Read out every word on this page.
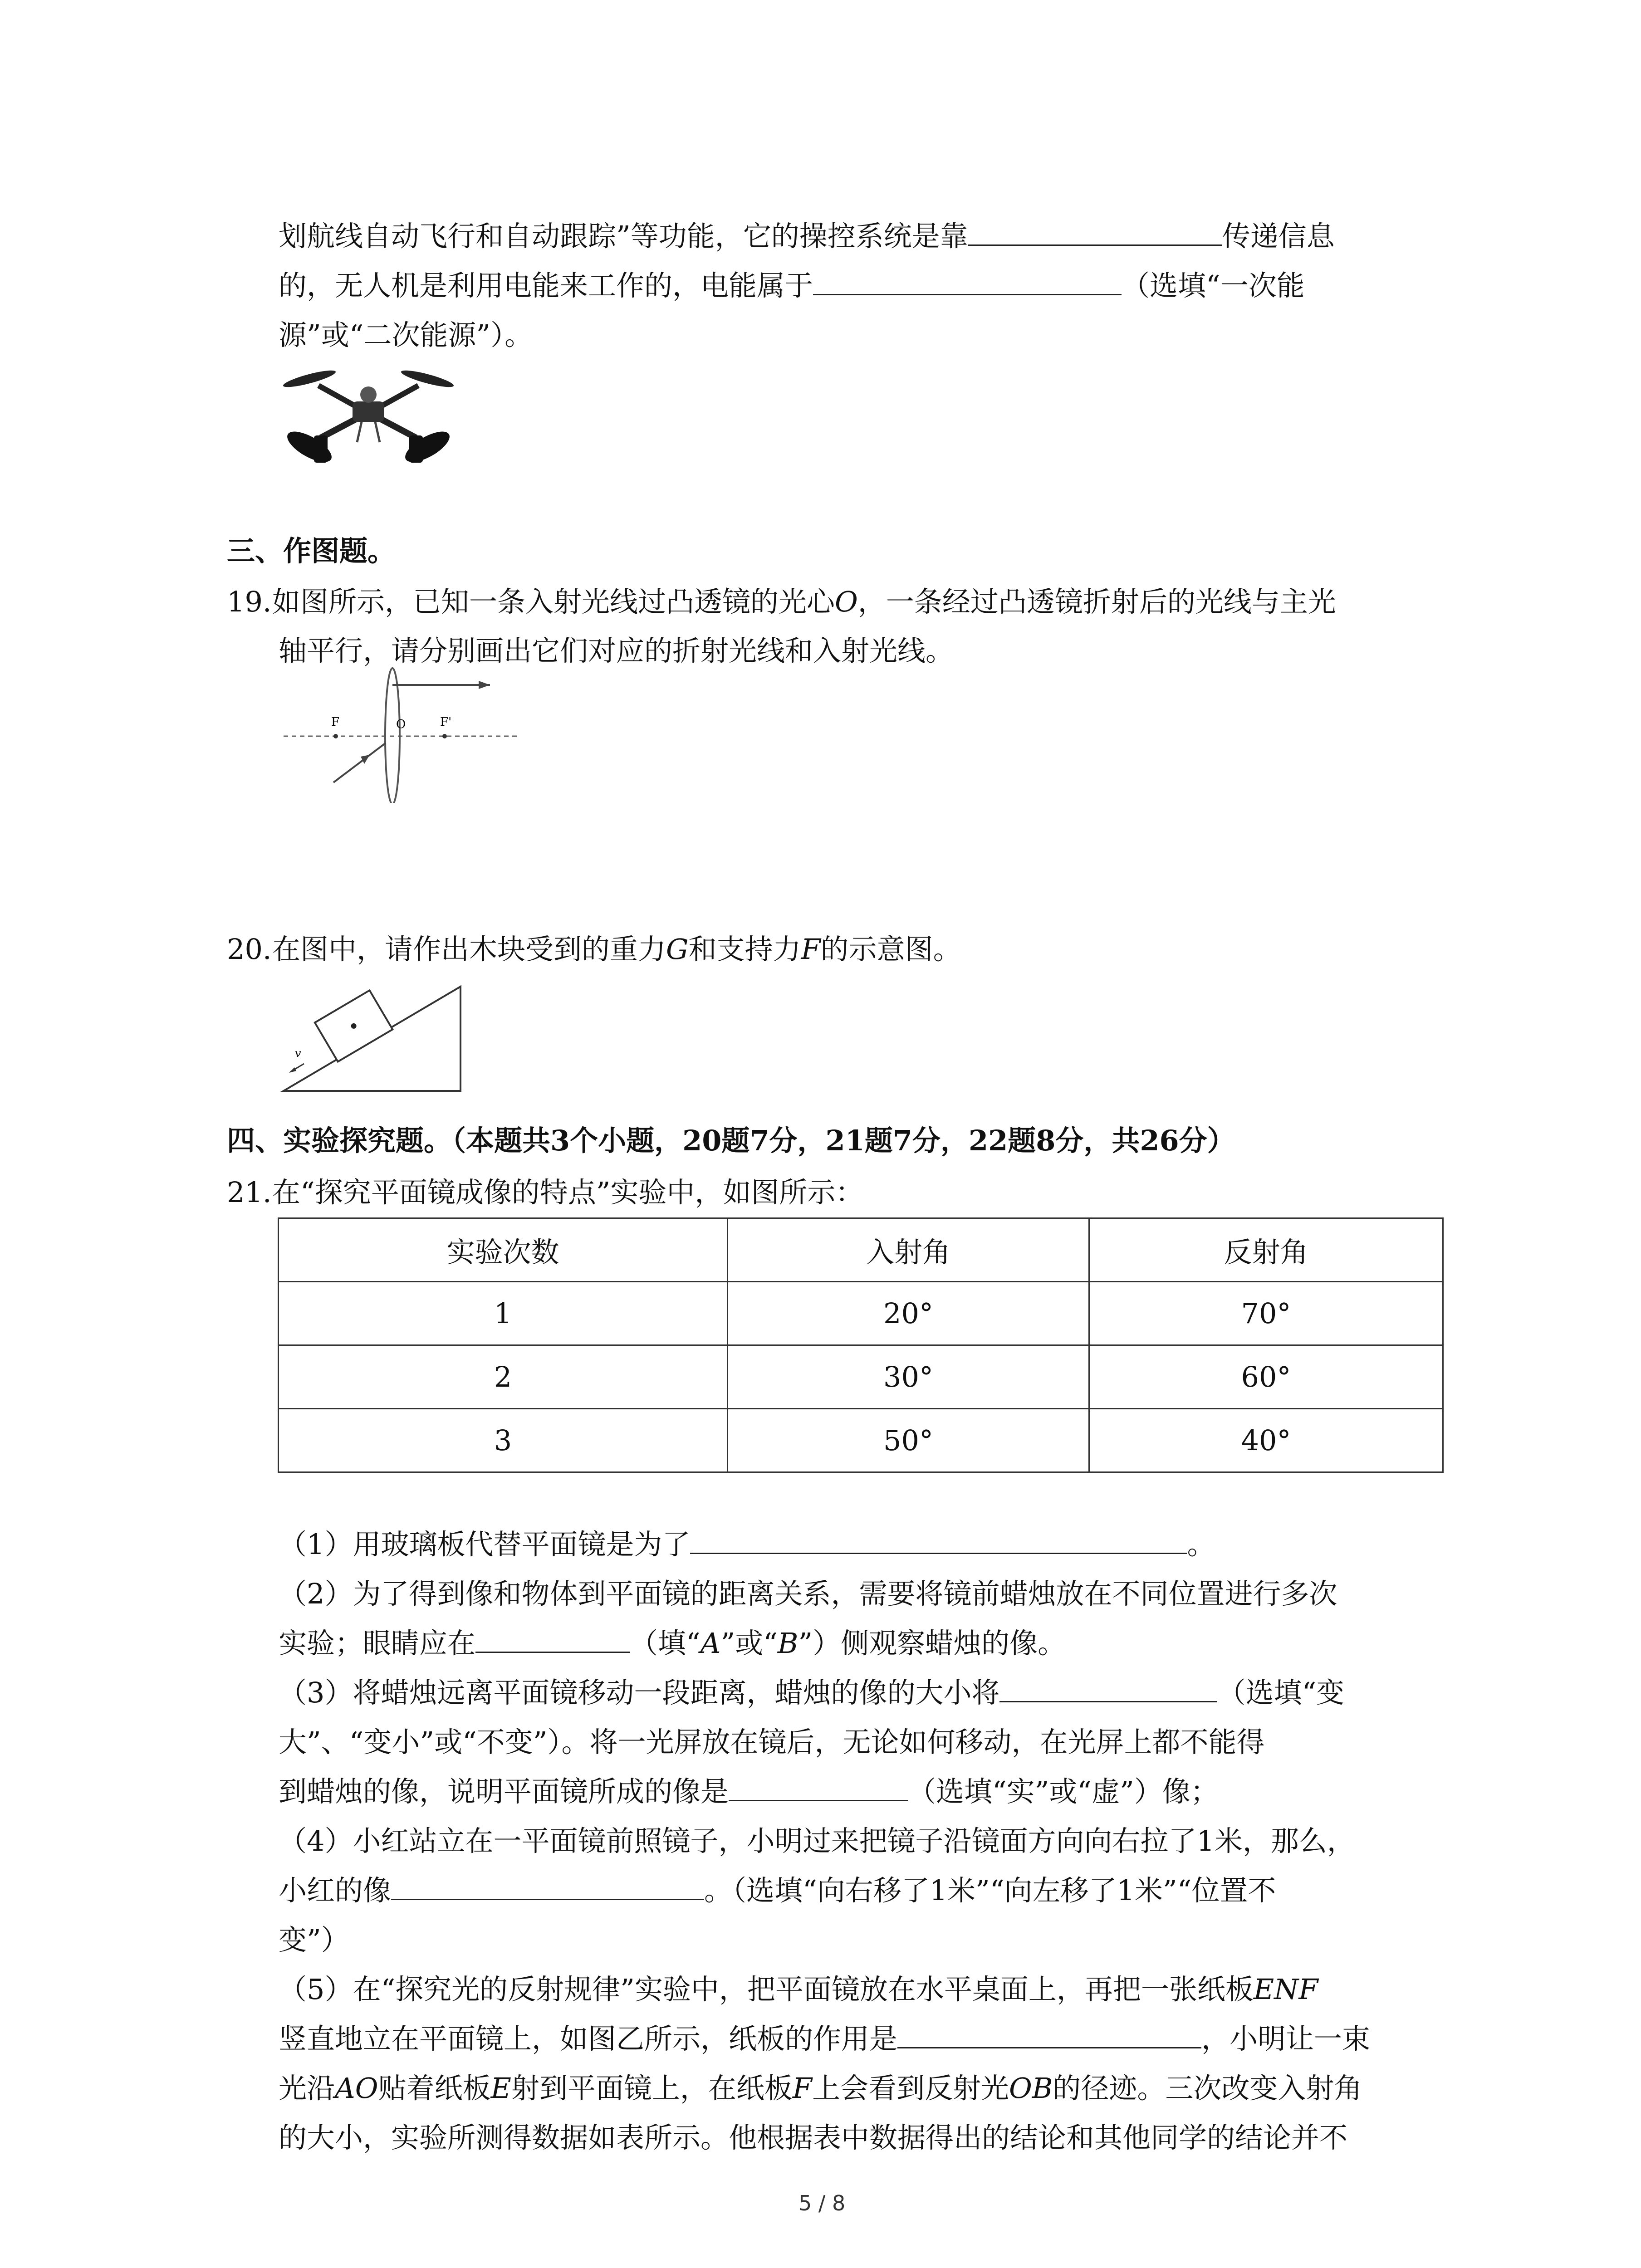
划航线自动飞行和自动跟踪”等功能，它的操控系统是靠	传递信息
的，无人机是利用电能来工作的，电能属于	（选填“一次能
源”或“二次能源”）。
三、作图题。
19.如图所示，已知一条入射光线过凸透镜的光心O，一条经过凸透镜折射后的光线与主光
轴平行，请分别画出它们对应的折射光线和入射光线。
F	O	F'
20.在图中，请作出木块受到的重力G和支持力F的示意图。
v
四、实验探究题。（本题共3个小题，20题7分，21题7分，22题8分，共26分）
21.在“探究平面镜成像的特点”实验中，如图所示：
实验次数	入射角	反射角
1	20°	70°
2	30°	60°
3	50°	40°
（1）用玻璃板代替平面镜是为了	。
（2）为了得到像和物体到平面镜的距离关系，需要将镜前蜡烛放在不同位置进行多次
实验；眼睛应在	（填“A”或“B”）侧观察蜡烛的像。
（3）将蜡烛远离平面镜移动一段距离，蜡烛的像的大小将	（选填“变
大”、“变小”或“不变”）。将一光屏放在镜后，无论如何移动，在光屏上都不能得
到蜡烛的像，说明平面镜所成的像是	（选填“实”或“虚”）像；
（4）小红站立在一平面镜前照镜子，小明过来把镜子沿镜面方向向右拉了1米，那么，
小红的像	。（选填“向右移了1米”“向左移了1米”“位置不
变”）
（5）在“探究光的反射规律”实验中，把平面镜放在水平桌面上，再把一张纸板ENF
竖直地立在平面镜上，如图乙所示，纸板的作用是	，小明让一束
光沿AO贴着纸板E射到平面镜上，在纸板F上会看到反射光OB的径迹。三次改变入射角
的大小，实验所测得数据如表所示。他根据表中数据得出的结论和其他同学的结论并不
5 / 8
